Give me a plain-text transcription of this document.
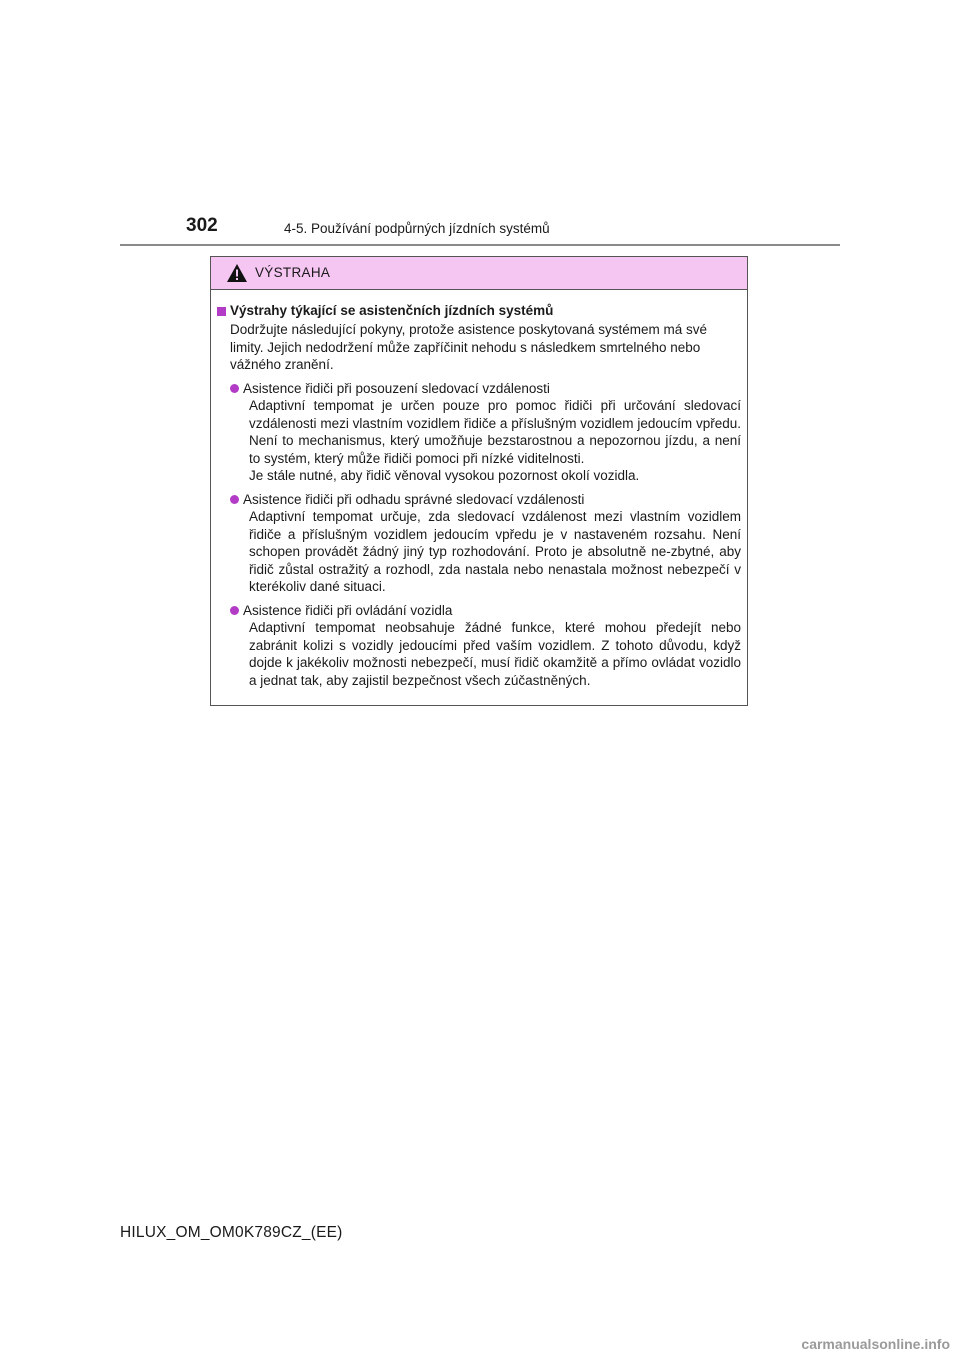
302	4-5. Používání podpůrných jízdních systémů
VÝSTRAHA
Výstrahy týkající se asistenčních jízdních systémů
Dodržujte následující pokyny, protože asistence poskytovaná systémem má své limity. Jejich nedodržení může zapříčinit nehodu s následkem smrtelného nebo vážného zranění.
Asistence řidiči při posouzení sledovací vzdálenosti
Adaptivní tempomat je určen pouze pro pomoc řidiči při určování sledovací vzdálenosti mezi vlastním vozidlem řidiče a příslušným vozidlem jedoucím vpředu. Není to mechanismus, který umožňuje bezstarostnou a nepozornou jízdu, a není to systém, který může řidiči pomoci při nízké viditelnosti.
Je stále nutné, aby řidič věnoval vysokou pozornost okolí vozidla.
Asistence řidiči při odhadu správné sledovací vzdálenosti
Adaptivní tempomat určuje, zda sledovací vzdálenost mezi vlastním vozidlem řidiče a příslušným vozidlem jedoucím vpředu je v nastaveném rozsahu. Není schopen provádět žádný jiný typ rozhodování. Proto je absolutně ne-zbytné, aby řidič zůstal ostražitý a rozhodl, zda nastala nebo nenastala možnost nebezpečí v kterékoliv dané situaci.
Asistence řidiči při ovládání vozidla
Adaptivní tempomat neobsahuje žádné funkce, které mohou předejít nebo zabránit kolizi s vozidly jedoucími před vaším vozidlem. Z tohoto důvodu, když dojde k jakékoliv možnosti nebezpečí, musí řidič okamžitě a přímo ovládat vozidlo a jednat tak, aby zajistil bezpečnost všech zúčastněných.
HILUX_OM_OM0K789CZ_(EE)
carmanualsonline.info
